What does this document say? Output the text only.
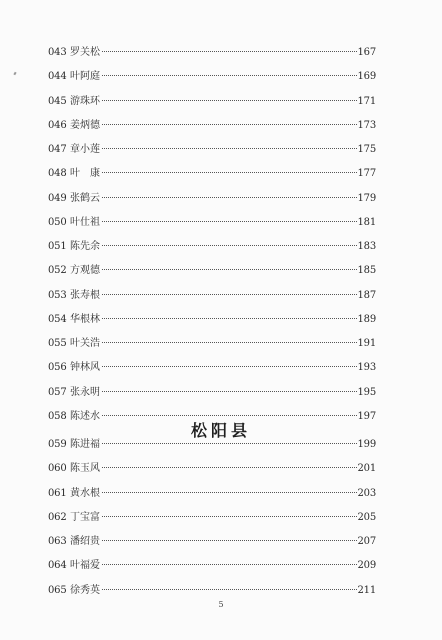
043 罗关松	167
044 叶阿庭	169
045 游珠环	171
046 姜炳德	173
047 章小莲	175
048 叶　康	177
049 张鹤云	179
050 叶仕祖	181
051 陈先余	183
052 方观德	185
053 张寿根	187
054 华根林	189
055 叶关浩	191
056 钟林风	193
057 张永明	195
058 陈述水	197
松阳县
059 陈进福	199
060 陈玉风	201
061 黄水根	203
062 丁宝富	205
063 潘绍贵	207
064 叶福爱	209
065 徐秀英	211
5
